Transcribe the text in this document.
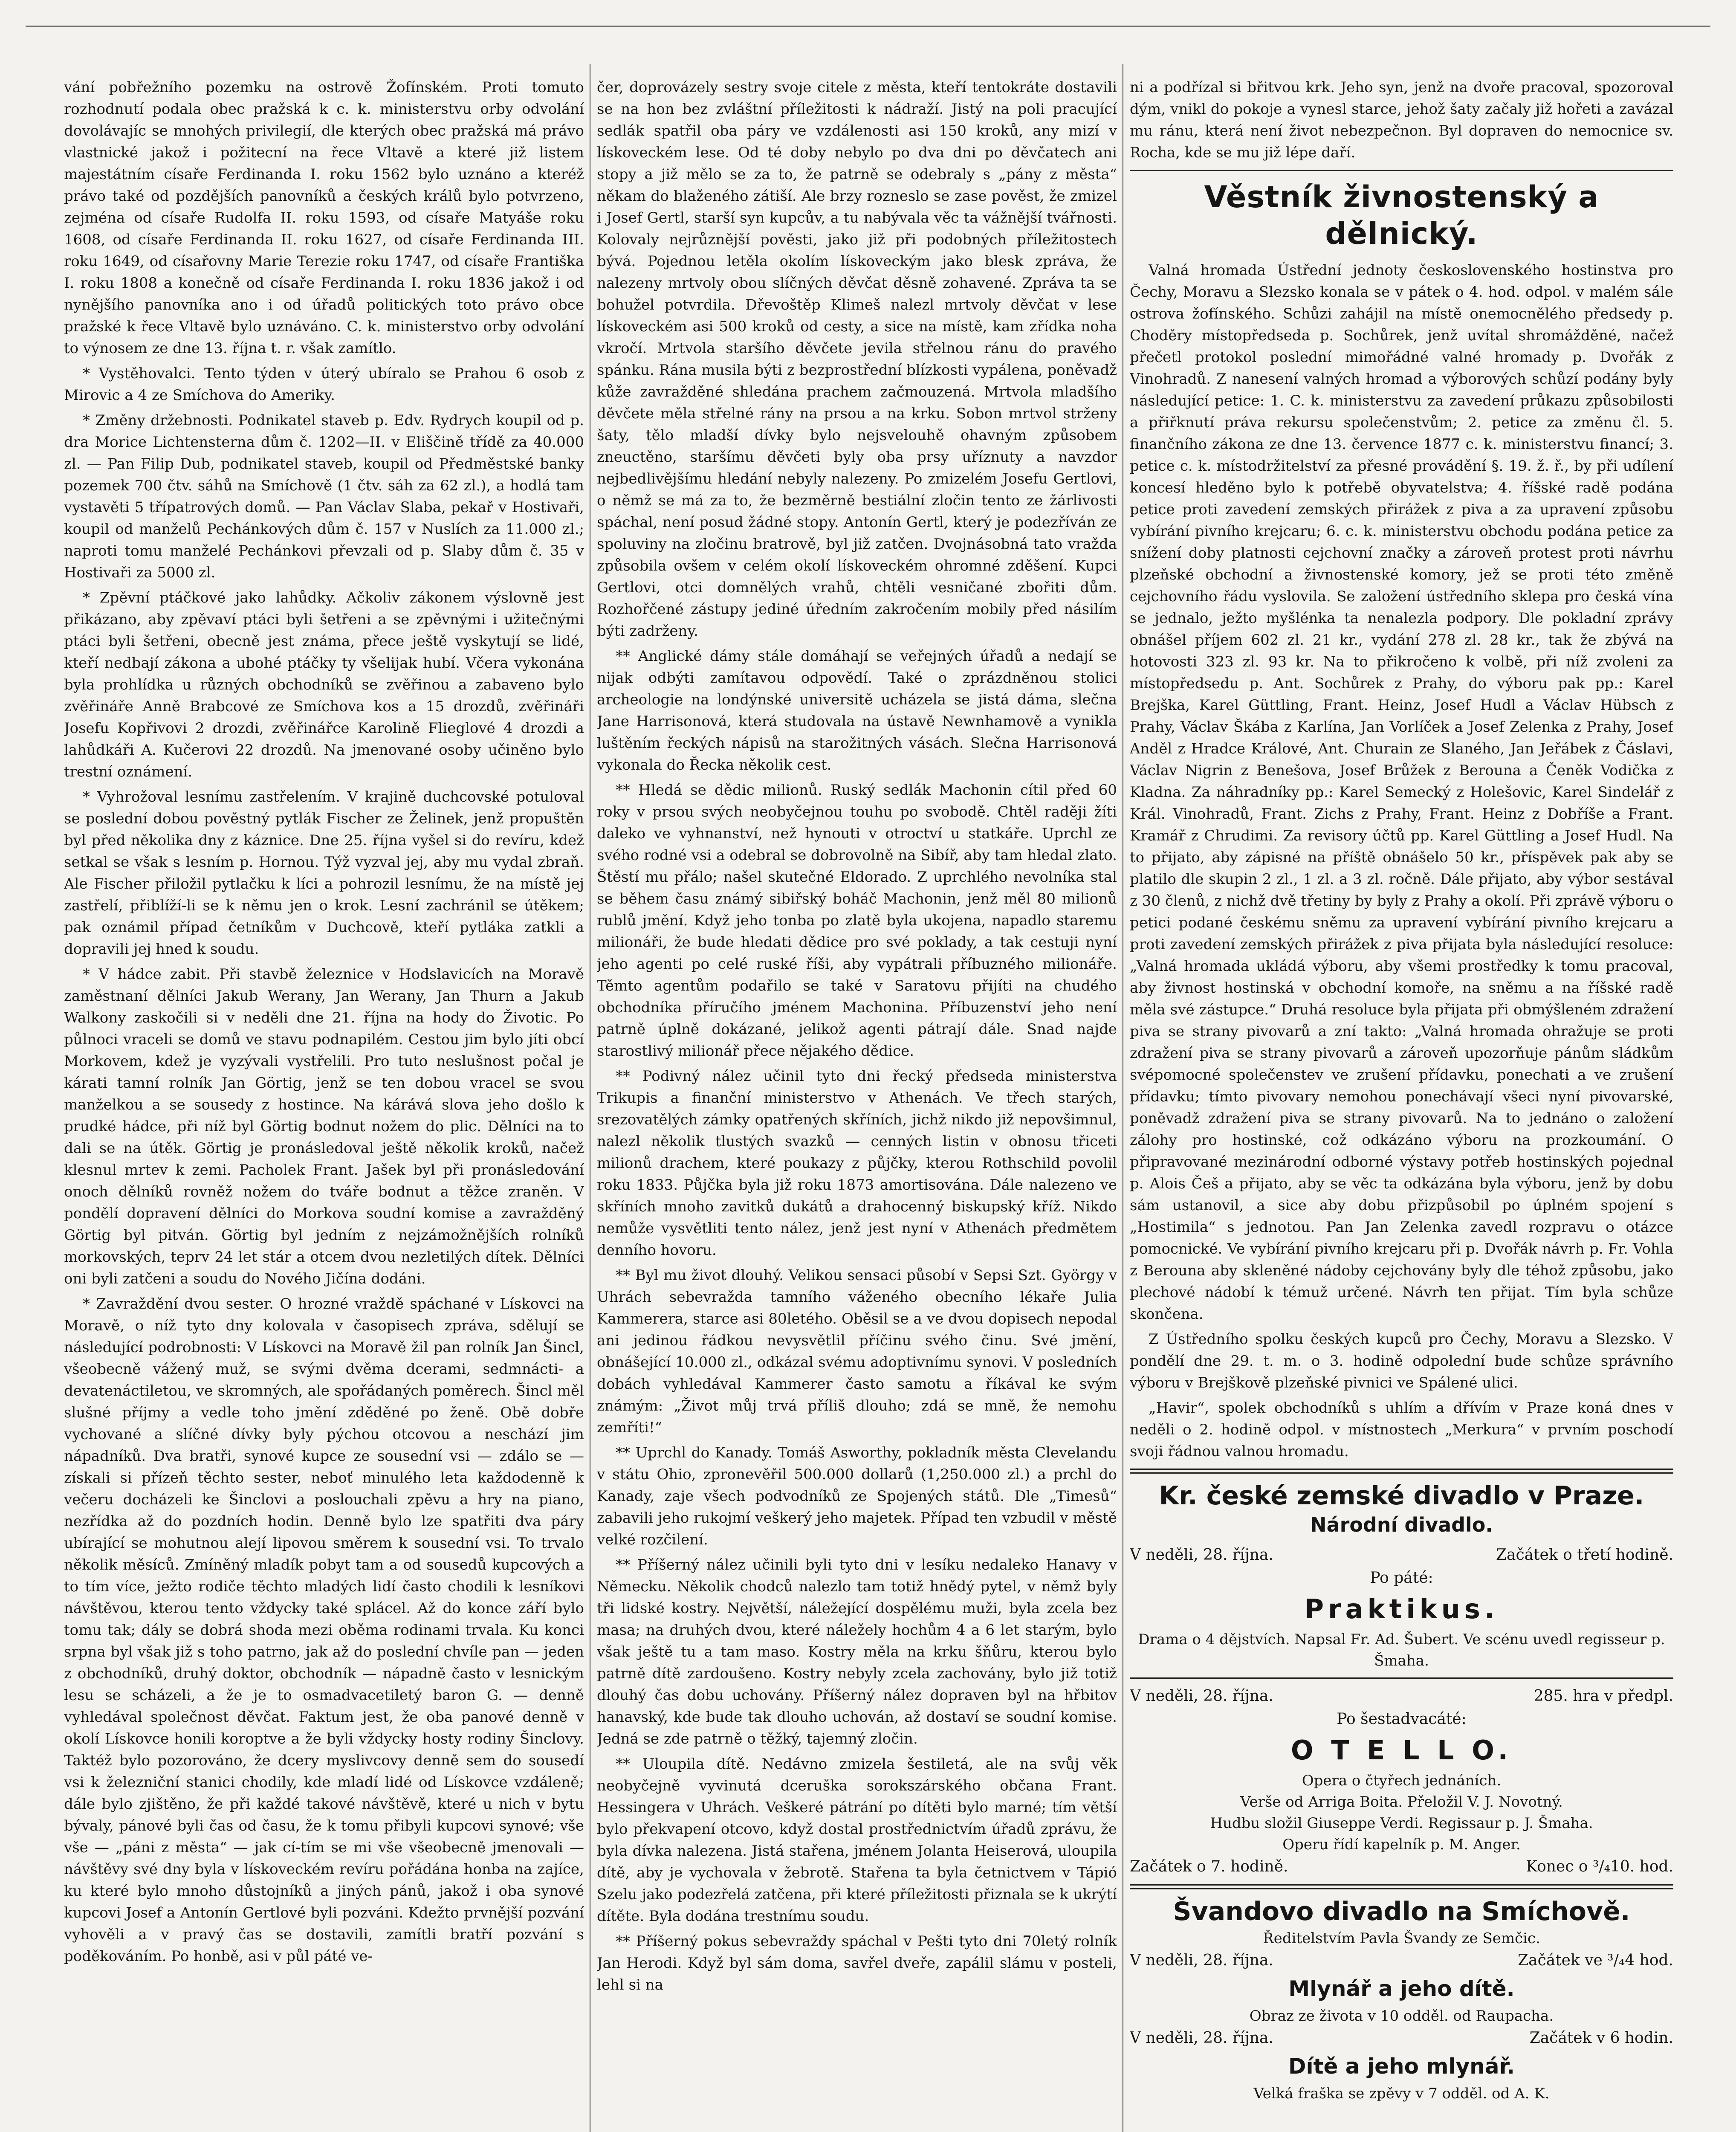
vání pobřežního pozemku na ostrově Žofínském. Proti tomuto rozhodnutí podala obec pražská k c. k. ministerstvu orby odvolání dovolávajíc se mnohých privilegií, dle kterých obec pražská má právo vlastnické jakož i požitecní na řece Vltavě a které již listem majestátním císaře Ferdinanda I. roku 1562 bylo uznáno a kteréž právo také od pozdějších panovníků a českých králů bylo potvrzeno, zejména od císaře Rudolfa II. roku 1593, od císaře Matyáše roku 1608, od císaře Ferdinanda II. roku 1627, od císaře Ferdinanda III. roku 1649, od císařovny Marie Terezie roku 1747, od císaře Františka I. roku 1808 a konečně od císaře Ferdinanda I. roku 1836 jakož i od nynějšího panovníka ano i od úřadů politických toto právo obce pražské k řece Vltavě bylo uznáváno. C. k. ministerstvo orby odvolání to výnosem ze dne 13. října t. r. však zamítlo.

* Vystěhovalci. Tento týden v úterý ubíralo se Prahou 6 osob z Mirovic a 4 ze Smíchova do Ameriky.

* Změny držebnosti. Podnikatel staveb p. Edv. Rydrych koupil od p. dra Morice Lichtensterna dům č. 1202—II. v Eliščině třídě za 40.000 zl. — Pan Filip Dub, podnikatel staveb, koupil od Předměstské banky pozemek 700 čtv. sáhů na Smíchově (1 čtv. sáh za 62 zl.), a hodlá tam vystavěti 5 třípatrových domů. — Pan Václav Slaba, pekař v Hostivaři, koupil od manželů Pechánkových dům č. 157 v Nuslích za 11.000 zl.; naproti tomu manželé Pechánkovi převzali od p. Slaby dům č. 35 v Hostivaři za 5000 zl.

* Zpěvní ptáčkové jako lahůdky. Ačkoliv zákonem výslovně jest přikázano, aby zpěvaví ptáci byli šetřeni a se zpěvnými i užitečnými ptáci byli šetřeni, obecně jest známa, přece ještě vyskytují se lidé, kteří nedbají zákona a ubohé ptáčky ty všelijak hubí. Včera vykonána byla prohlídka u různých obchodníků se zvěřinou a zabaveno bylo zvěřináře Anně Brabcové ze Smíchova kos a 15 drozdů, zvěřináři Josefu Kopřivovi 2 drozdi, zvěřinářce Karolině Flieglové 4 drozdi a lahůdkáři A. Kučerovi 22 drozdů. Na jmenované osoby učiněno bylo trestní oznámení.

* Vyhrožoval lesnímu zastřelením. V krajině duchcovské potuloval se poslední dobou pověstný pytlák Fischer ze Želinek, jenž propuštěn byl před několika dny z káznice. Dne 25. října vyšel si do revíru, kdež setkal se však s lesním p. Hornou. Týž vyzval jej, aby mu vydal zbraň. Ale Fischer přiložil pytlačku k líci a pohrozil lesnímu, že na místě jej zastřelí, přiblíží-li se k němu jen o krok. Lesní zachránil se útěkem; pak oznámil případ četníkům v Duchcově, kteří pytláka zatkli a dopravili jej hned k soudu.

* V hádce zabit. Při stavbě železnice v Hodslavicích na Moravě zaměstnaní dělníci Jakub Werany, Jan Werany, Jan Thurn a Jakub Walkony zaskočili si v neděli dne 21. října na hody do Životic. Po půlnoci vraceli se domů ve stavu podnapilém. Cestou jim bylo jíti obcí Morkovem, kdež je vyzývali vystřelili. Pro tuto neslušnost počal je kárati tamní rolník Jan Görtig, jenž se ten dobou vracel se svou manželkou a se sousedy z hostince. Na kárává slova jeho došlo k prudké hádce, při níž byl Görtig bodnut nožem do plic. Dělníci na to dali se na útěk. Görtig je pronásledoval ještě několik kroků, načež klesnul mrtev k zemi. Pacholek Frant. Jašek byl při pronásledování onoch dělníků rovněž nožem do tváře bodnut a těžce zraněn. V pondělí dopravení dělníci do Morkova soudní komise a zavražděný Görtig byl pitván. Görtig byl jedním z nejzámožnějších rolníků morkovských, teprv 24 let stár a otcem dvou nezletilých dítek. Dělníci oni byli zatčeni a soudu do Nového Jičína dodáni.

* Zavraždění dvou sester. O hrozné vraždě spáchané v Lískovci na Moravě, o níž tyto dny kolovala v časopisech zpráva, sdělují se následující podrobnosti: V Lískovci na Moravě žil pan rolník Jan Šincl, všeobecně vážený muž, se svými dvěma dcerami, sedmnácti- a devatenáctiletou, ve skromných, ale spořádaných poměrech. Šincl měl slušné příjmy a vedle toho jmění zděděné po ženě. Obě dobře vychované a slíčné dívky byly pýchou otcovou a neschází jim nápadníků. Dva bratři, synové kupce ze sousední vsi — zdálo se — získali si přízeň těchto sester, neboť minulého leta každodenně k večeru docházeli ke Šinclovi a poslouchali zpěvu a hry na piano, nezřídka až do pozdních hodin. Denně bylo lze spatřiti dva páry ubírající se mohutnou alejí lipovou směrem k sousední vsi. To trvalo několik měsíců. Zmíněný mladík pobyt tam a od sousedů kupcových a to tím více, ježto rodiče těchto mladých lidí často chodili k lesníkovi návštěvou, kterou tento vždycky také splácel. Až do konce září bylo tomu tak; dály se dobrá shoda mezi oběma rodinami trvala. Ku konci srpna byl však již s toho patrno, jak až do poslední chvíle pan — jeden z obchodníků, druhý doktor, obchodník — nápadně často v lesnickým lesu se scházeli, a že je to osmadvacetiletý baron G. — denně vyhledával společnost děvčat. Faktum jest, že oba panové denně v okolí Lískovce honili koroptve a že byli vždycky hosty rodiny Šinclovy. Taktéž bylo pozorováno, že dcery myslivcovy denně sem do sousedí vsi k železniční stanici chodily, kde mladí lidé od Lískovce vzdáleně; dále bylo zjištěno, že při každé takové návštěvě, které u nich v bytu bývaly, pánové byli čas od času, že k tomu přibyli kupcovi synové; vše vše — „páni z města“ — jak cí-tím se mi vše všeobecně jmenovali — návštěvy své dny byla v lískoveckém revíru pořádána honba na zajíce, ku které bylo mnoho důstojníků a jiných pánů, jakož i oba synové kupcovi Josef a Antonín Gertlové byli pozváni. Kdežto prvnější pozvání vyhověli a v pravý čas se dostavili, zamítli bratří pozvání s poděkováním. Po honbě, asi v půl páté ve-

čer, doprovázely sestry svoje citele z města, kteří tentokráte dostavili se na hon bez zvláštní příležitosti k nádraží. Jistý na poli pracující sedlák spatřil oba páry ve vzdálenosti asi 150 kroků, any mizí v lískoveckém lese. Od té doby nebylo po dva dni po děvčatech ani stopy a již mělo se za to, že patrně se odebraly s „pány z města“ někam do blaženého zátiší. Ale brzy rozneslo se zase pověst, že zmizel i Josef Gertl, starší syn kupcův, a tu nabývala věc ta vážnější tvářnosti. Kolovaly nejrůznější pověsti, jako již při podobných příležitostech bývá. Pojednou letěla okolím lískoveckým jako blesk zpráva, že nalezeny mrtvoly obou slíčných děvčat děsně zohavené. Zpráva ta se bohužel potvrdila. Dřevoštěp Klimeš nalezl mrtvoly děvčat v lese lískoveckém asi 500 kroků od cesty, a sice na místě, kam zřídka noha vkročí. Mrtvola staršího děvčete jevila střelnou ránu do pravého spánku. Rána musila býti z bezprostřední blízkosti vypálena, poněvadž kůže zavražděné shledána prachem začmouzená. Mrtvola mladšího děvčete měla střelné rány na prsou a na krku. Sobon mrtvol strženy šaty, tělo mladší dívky bylo nejsvelouhě ohavným způsobem zneuctěno, staršímu děvčeti byly oba prsy uříznuty a navzdor nejbedlivějšímu hledání nebyly nalezeny. Po zmizelém Josefu Gertlovi, o němž se má za to, že bezměrně bestiální zločin tento ze žárlivosti spáchal, není posud žádné stopy. Antonín Gertl, který je podezříván ze spoluviny na zločinu bratrově, byl již zatčen. Dvojnásobná tato vražda způsobila ovšem v celém okolí lískoveckém ohromné zděšení. Kupci Gertlovi, otci domnělých vrahů, chtěli vesničané zbořiti dům. Rozhořčené zástupy jediné úředním zakročením mobily před násilím býti zadrženy.

** Anglické dámy stále domáhají se veřejných úřadů a nedají se nijak odbýti zamítavou odpovědí. Také o zprázdněnou stolici archeologie na londýnské universitě ucházela se jistá dáma, slečna Jane Harrisonová, která studovala na ústavě Newnhamově a vynikla luštěním řeckých nápisů na starožitných vásách. Slečna Harrisonová vykonala do Řecka několik cest.

** Hledá se dědic milionů. Ruský sedlák Machonin cítil před 60 roky v prsou svých neobyčejnou touhu po svobodě. Chtěl raději žíti daleko ve vyhnanství, než hynouti v otroctví u statkáře. Uprchl ze svého rodné vsi a odebral se dobrovolně na Sibíř, aby tam hledal zlato. Štěstí mu přálo; našel skutečné Eldorado. Z uprchlého nevolníka stal se během času známý sibiřský boháč Machonin, jenž měl 80 milionů rublů jmění. Když jeho tonba po zlatě byla ukojena, napadlo staremu milionáři, že bude hledati dědice pro své poklady, a tak cestuji nyní jeho agenti po celé ruské říši, aby vypátrali příbuzného milionáře. Těmto agentům podařilo se také v Saratovu přijíti na chudého obchodníka příručího jménem Machonina. Příbuzenství jeho není patrně úplně dokázané, jelikož agenti pátrají dále. Snad najde starostlivý milionář přece nějakého dědice.

** Podivný nález učinil tyto dni řecký předseda ministerstva Trikupis a finanční ministerstvo v Athenách. Ve třech starých, srezovatělých zámky opatřených skříních, jichž nikdo již nepovšimnul, nalezl několik tlustých svazků — cenných listin v obnosu třiceti milionů drachem, které poukazy z půjčky, kterou Rothschild povolil roku 1833. Půjčka byla již roku 1873 amortisována. Dále nalezeno ve skříních mnoho zavitků dukátů a drahocenný biskupský kříž. Nikdo nemůže vysvětliti tento nález, jenž jest nyní v Athenách předmětem denního hovoru.

** Byl mu život dlouhý. Velikou sensaci působí v Sepsi Szt. György v Uhrách sebevražda tamního váženého obecního lékaře Julia Kammerera, starce asi 80letého. Oběsil se a ve dvou dopisech nepodal ani jedinou řádkou nevysvětlil příčinu svého činu. Své jmění, obnášející 10.000 zl., odkázal svému adoptivnímu synovi. V posledních dobách vyhledával Kammerer často samotu a říkával ke svým známým: „Život můj trvá příliš dlouho; zdá se mně, že nemohu zemříti!“

** Uprchl do Kanady. Tomáš Asworthy, pokladník města Clevelandu v státu Ohio, zpronevěřil 500.000 dollarů (1,250.000 zl.) a prchl do Kanady, zaje všech podvodníků ze Spojených států. Dle „Timesů“ zabavili jeho rukojmí veškerý jeho majetek. Případ ten vzbudil v městě velké rozčilení.

** Příšerný nález učinili byli tyto dni v lesíku nedaleko Hanavy v Německu. Několik chodců nalezlo tam totiž hnědý pytel, v němž byly tři lidské kostry. Největší, náležející dospělému muži, byla zcela bez masa; na druhých dvou, které náležely hochům 4 a 6 let starým, bylo však ještě tu a tam maso. Kostry měla na krku šňůru, kterou bylo patrně dítě zardoušeno. Kostry nebyly zcela zachovány, bylo již totiž dlouhý čas dobu uchovány. Příšerný nález dopraven byl na hřbitov hanavský, kde bude tak dlouho uchován, až dostaví se soudní komise. Jedná se zde patrně o těžký, tajemný zločin.

** Uloupila dítě. Nedávno zmizela šestiletá, ale na svůj věk neobyčejně vyvinutá dceruška sorokszárského občana Frant. Hessingera v Uhrách. Veškeré pátrání po dítěti bylo marné; tím větší bylo překvapení otcovo, když dostal prostřednictvím úřadů zprávu, že byla dívka nalezena. Jistá stařena, jménem Jolanta Heiserová, uloupila dítě, aby je vychovala v žebrotě. Stařena ta byla četnictvem v Tápió Szelu jako podezřelá zatčena, při které příležitosti přiznala se k ukrýtí dítěte. Byla dodána trestnímu soudu.

** Příšerný pokus sebevraždy spáchal v Pešti tyto dni 70letý rolník Jan Herodi. Když byl sám doma, savřel dveře, zapálil slámu v posteli, lehl si na

ni a podřízal si břitvou krk. Jeho syn, jenž na dvoře pracoval, spozoroval dým, vnikl do pokoje a vynesl starce, jehož šaty začaly již hořeti a zavázal mu ránu, která není život nebezpečnon. Byl dopraven do nemocnice sv. Rocha, kde se mu již lépe daří.

Věstník živnostenský a dělnický.

Valná hromada Ústřední jednoty československého hostinstva pro Čechy, Moravu a Slezsko konala se v pátek o 4. hod. odpol. v malém sále ostrova žofínského. Schůzi zahájil na místě onemocnělého předsedy p. Choděry místopředseda p. Sochůrek, jenž uvítal shromážděné, načež přečetl protokol poslední mimořádné valné hromady p. Dvořák z Vinohradů. Z nanesení valných hromad a výborových schůzí podány byly následující petice: 1. C. k. ministerstvu za zavedení průkazu způsobilosti a přiřknutí práva rekursu společenstvům; 2. petice za změnu čl. 5. finančního zákona ze dne 13. července 1877 c. k. ministerstvu financí; 3. petice c. k. místodržitelství za přesné provádění §. 19. ž. ř., by při udílení koncesí hleděno bylo k potřebě obyvatelstva; 4. říšské radě podána petice proti zavedení zemských přirážek z piva a za upravení způsobu vybírání pivního krejcaru; 6. c. k. ministerstvu obchodu podána petice za snížení doby platnosti cejchovní značky a zároveň protest proti návrhu plzeňské obchodní a živnostenské komory, jež se proti této změně cejchovního řádu vyslovila. Se založení ústředního sklepa pro česká vína se jednalo, ježto myšlénka ta nenalezla podpory. Dle pokladní zprávy obnášel příjem 602 zl. 21 kr., vydání 278 zl. 28 kr., tak že zbývá na hotovosti 323 zl. 93 kr. Na to přikročeno k volbě, při níž zvoleni za místopředsedu p. Ant. Sochůrek z Prahy, do výboru pak pp.: Karel Brejška, Karel Güttling, Frant. Heinz, Josef Hudl a Václav Hübsch z Prahy, Václav Škába z Karlína, Jan Vorlíček a Josef Zelenka z Prahy, Josef Anděl z Hradce Králové, Ant. Churain ze Slaného, Jan Jeřábek z Čáslavi, Václav Nigrin z Benešova, Josef Brůžek z Berouna a Čeněk Vodička z Kladna. Za náhradníky pp.: Karel Semecký z Holešovic, Karel Sindelář z Král. Vinohradů, Frant. Zichs z Prahy, Frant. Heinz z Dobříše a Frant. Kramář z Chrudimi. Za revisory účtů pp. Karel Güttling a Josef Hudl. Na to přijato, aby zápisné na příště obnášelo 50 kr., příspěvek pak aby se platilo dle skupin 2 zl., 1 zl. a 3 zl. ročně. Dále přijato, aby výbor sestával z 30 členů, z nichž dvě třetiny by byly z Prahy a okolí. Při zprávě výboru o petici podané českému sněmu za upravení vybírání pivního krejcaru a proti zavedení zemských přirážek z piva přijata byla následující resoluce: „Valná hromada ukládá výboru, aby všemi prostředky k tomu pracoval, aby živnost hostinská v obchodní komoře, na sněmu a na říšské radě měla své zástupce.“ Druhá resoluce byla přijata při obmýšleném zdražení piva se strany pivovarů a zní takto: „Valná hromada ohražuje se proti zdražení piva se strany pivovarů a zároveň upozorňuje pánům sládkům svépomocné společenstev ve zrušení přídavku, ponechati a ve zrušení přídavku; tímto pivovary nemohou ponechávají všeci nyní pivovarské, poněvadž zdražení piva se strany pivovarů. Na to jednáno o založení zálohy pro hostinské, což odkázáno výboru na prozkoumání. O připravované mezinárodní odborné výstavy potřeb hostinských pojednal p. Alois Češ a přijato, aby se věc ta odkázána byla výboru, jenž by dobu sám ustanovil, a sice aby dobu přizpůsobil po úplném spojení s „Hostimila“ s jednotou. Pan Jan Zelenka zavedl rozpravu o otázce pomocnické. Ve vybírání pivního krejcaru při p. Dvořák návrh p. Fr. Vohla z Berouna aby skleněné nádoby cejchovány byly dle téhož způsobu, jako plechové nádobí k témuž určené. Návrh ten přijat. Tím byla schůze skončena.

Z Ústředního spolku českých kupců pro Čechy, Moravu a Slezsko. V pondělí dne 29. t. m. o 3. hodině odpolední bude schůze správního výboru v Brejškově plzeňské pivnici ve Spálené ulici.

„Havir“, spolek obchodníků s uhlím a dřívím v Praze koná dnes v neděli o 2. hodině odpol. v místnostech „Merkura“ v prvním poschodí svoji řádnou valnou hromadu.

Kr. české zemské divadlo v Praze.
Národní divadlo.
V neděli, 28. října.	Začátek o třetí hodině.
Po páté:
Praktikus.
Drama o 4 dějstvích. Napsal Fr. Ad. Šubert. Ve scénu uvedl regisseur p. Šmaha.
V neděli, 28. října.	285. hra v předpl.
Po šestadvacáté:
O T E L L O.
Opera o čtyřech jednáních.
Verše od Arriga Boita. Přeložil V. J. Novotný.
Hudbu složil Giuseppe Verdi. Regissaur p. J. Šmaha.
Operu řídí kapelník p. M. Anger.
Začátek o 7. hodině.	Konec o ³/₄10. hod.
Švandovo divadlo na Smíchově.
Ředitelstvím Pavla Švandy ze Semčic.
V neděli, 28. října.	Začátek ve ³/₄4 hod.
Mlynář a jeho dítě.
Obraz ze života v 10 odděl. od Raupacha.
V neděli, 28. října.	Začátek v 6 hodin.
Dítě a jeho mlynář.
Velká fraška se zpěvy v 7 odděl. od A. K.
